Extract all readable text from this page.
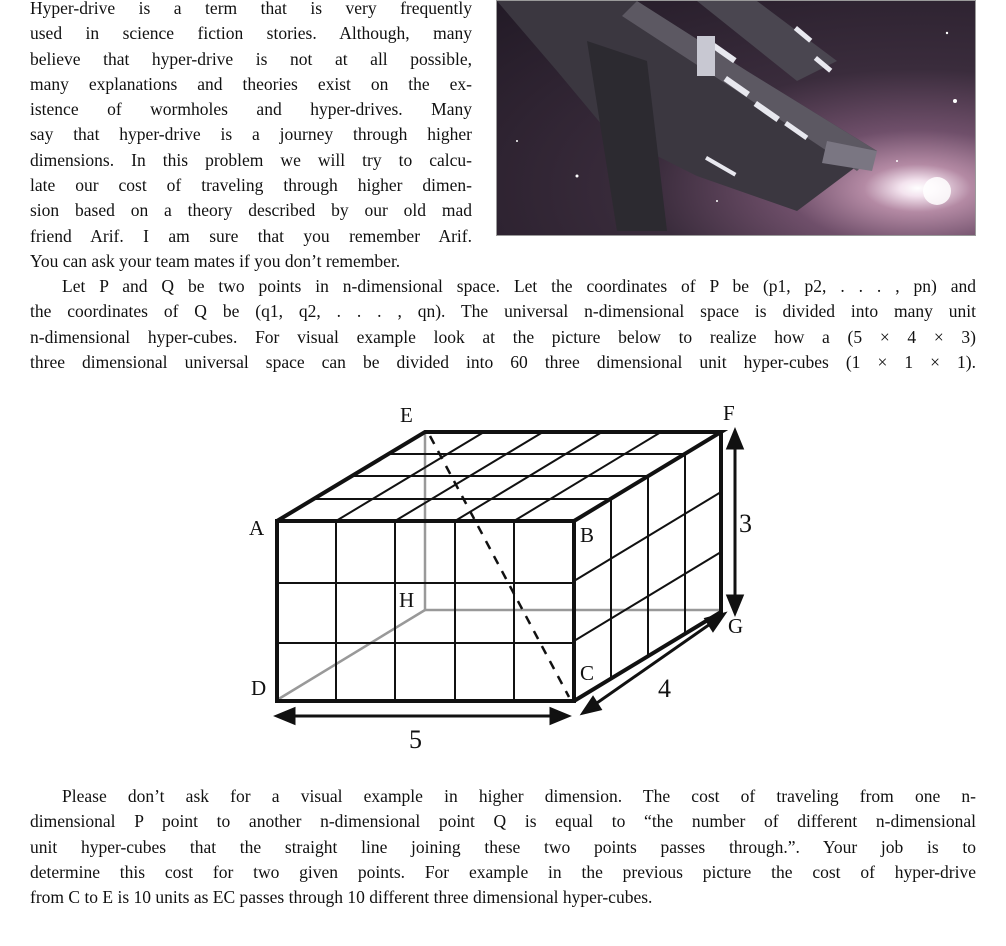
Hyper-drive is a term that is very frequently
used in science fiction stories. Although, many
believe that hyper-drive is not at all possible,
many explanations and theories exist on the ex-
istence of wormholes and hyper-drives. Many
say that hyper-drive is a journey through higher
dimensions. In this problem we will try to calcu-
late our cost of traveling through higher dimen-
sion based on a theory described by our old mad
friend Arif. I am sure that you remember Arif.
You can ask your team mates if you don’t remember.
Let P and Q be two points in n-dimensional space. Let the coordinates of P be (p1, p2, . . . , pn) and
the coordinates of Q be (q1, q2, . . . , qn). The universal n-dimensional space is divided into many unit
n-dimensional hyper-cubes. For visual example look at the picture below to realize how a (5 × 4 × 3)
three dimensional universal space can be divided into 60 three dimensional unit hyper-cubes (1 × 1 × 1).
A	B
C
D
E	F
G
H
5
4
3
Please don’t ask for a visual example in higher dimension. The cost of traveling from one n-
dimensional P point to another n-dimensional point Q is equal to “the number of different n-dimensional
unit hyper-cubes that the straight line joining these two points passes through.”. Your job is to
determine this cost for two given points. For example in the previous picture the cost of hyper-drive
from C to E is 10 units as EC passes through 10 different three dimensional hyper-cubes.
